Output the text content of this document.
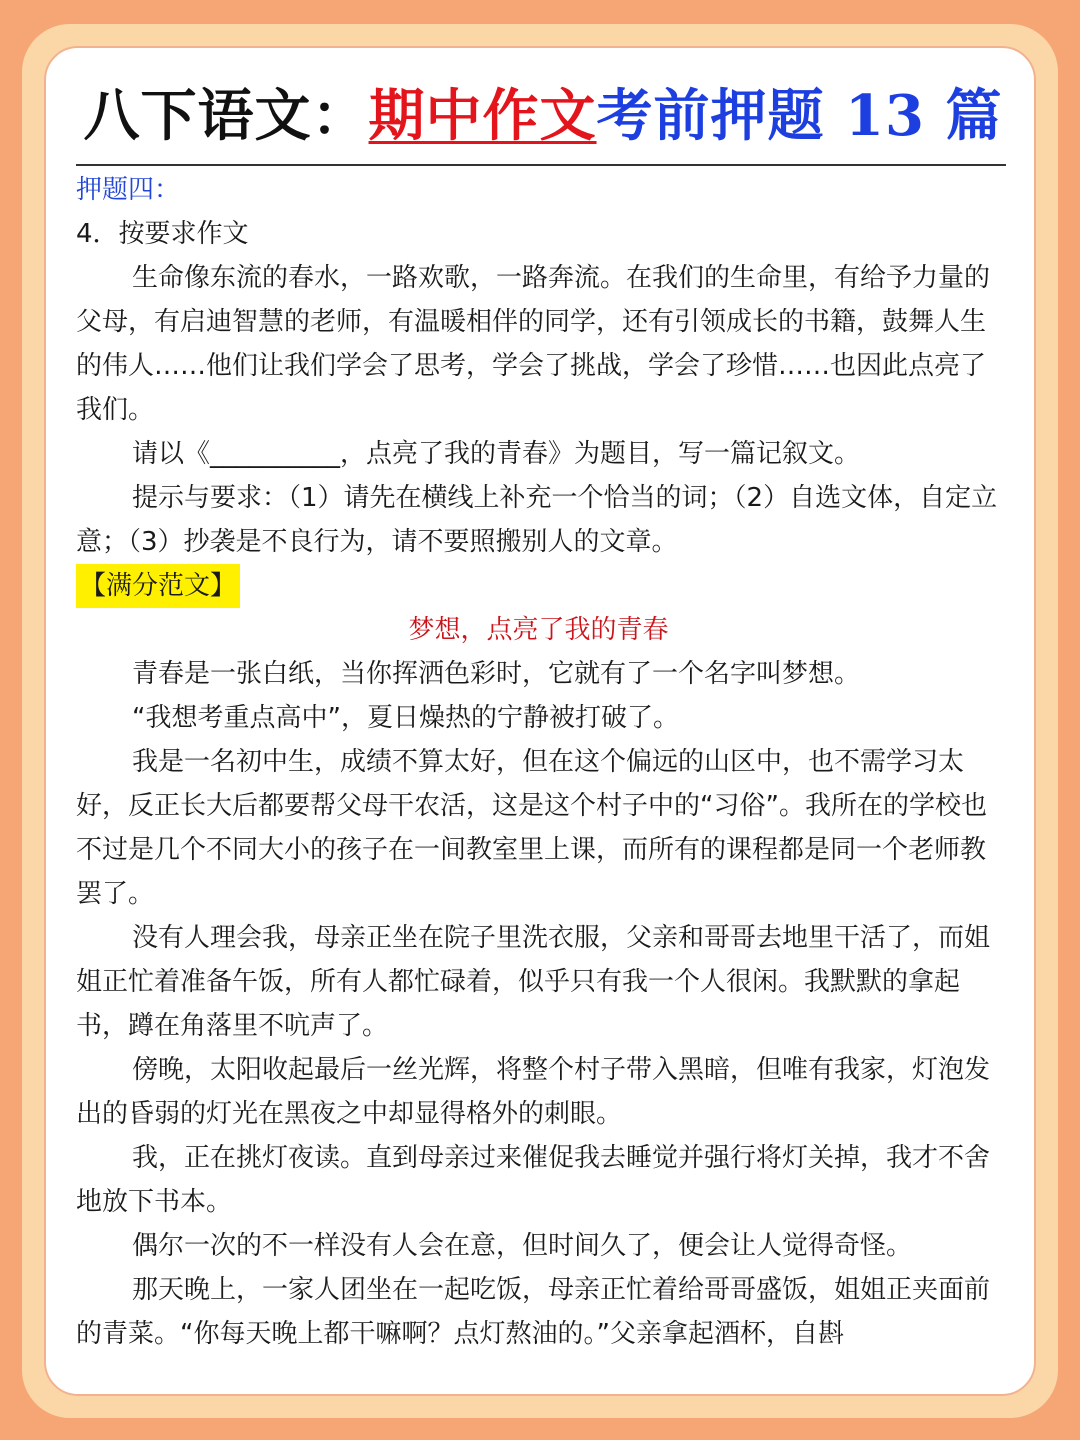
八下语文：期中作文考前押题 13 篇

押题四：

4．按要求作文

生命像东流的春水，一路欢歌，一路奔流。在我们的生命里，有给予力量的父母，有启迪智慧的老师，有温暖相伴的同学，还有引领成长的书籍，鼓舞人生的伟人……他们让我们学会了思考，学会了挑战，学会了珍惜……也因此点亮了我们。

请以《__________，点亮了我的青春》为题目，写一篇记叙文。

提示与要求：（1）请先在横线上补充一个恰当的词；（2）自选文体，自定立意；（3）抄袭是不良行为，请不要照搬别人的文章。

【满分范文】

梦想，点亮了我的青春

青春是一张白纸，当你挥洒色彩时，它就有了一个名字叫梦想。

“我想考重点高中”，夏日燥热的宁静被打破了。

我是一名初中生，成绩不算太好，但在这个偏远的山区中，也不需学习太好，反正长大后都要帮父母干农活，这是这个村子中的“习俗”。我所在的学校也不过是几个不同大小的孩子在一间教室里上课，而所有的课程都是同一个老师教罢了。

没有人理会我，母亲正坐在院子里洗衣服，父亲和哥哥去地里干活了，而姐姐正忙着准备午饭，所有人都忙碌着，似乎只有我一个人很闲。我默默的拿起书，蹲在角落里不吭声了。

傍晚，太阳收起最后一丝光辉，将整个村子带入黑暗，但唯有我家，灯泡发出的昏弱的灯光在黑夜之中却显得格外的刺眼。

我，正在挑灯夜读。直到母亲过来催促我去睡觉并强行将灯关掉，我才不舍地放下书本。

偶尔一次的不一样没有人会在意，但时间久了，便会让人觉得奇怪。

那天晚上，一家人团坐在一起吃饭，母亲正忙着给哥哥盛饭，姐姐正夹面前的青菜。“你每天晚上都干嘛啊？点灯熬油的。”父亲拿起酒杯，自斟
